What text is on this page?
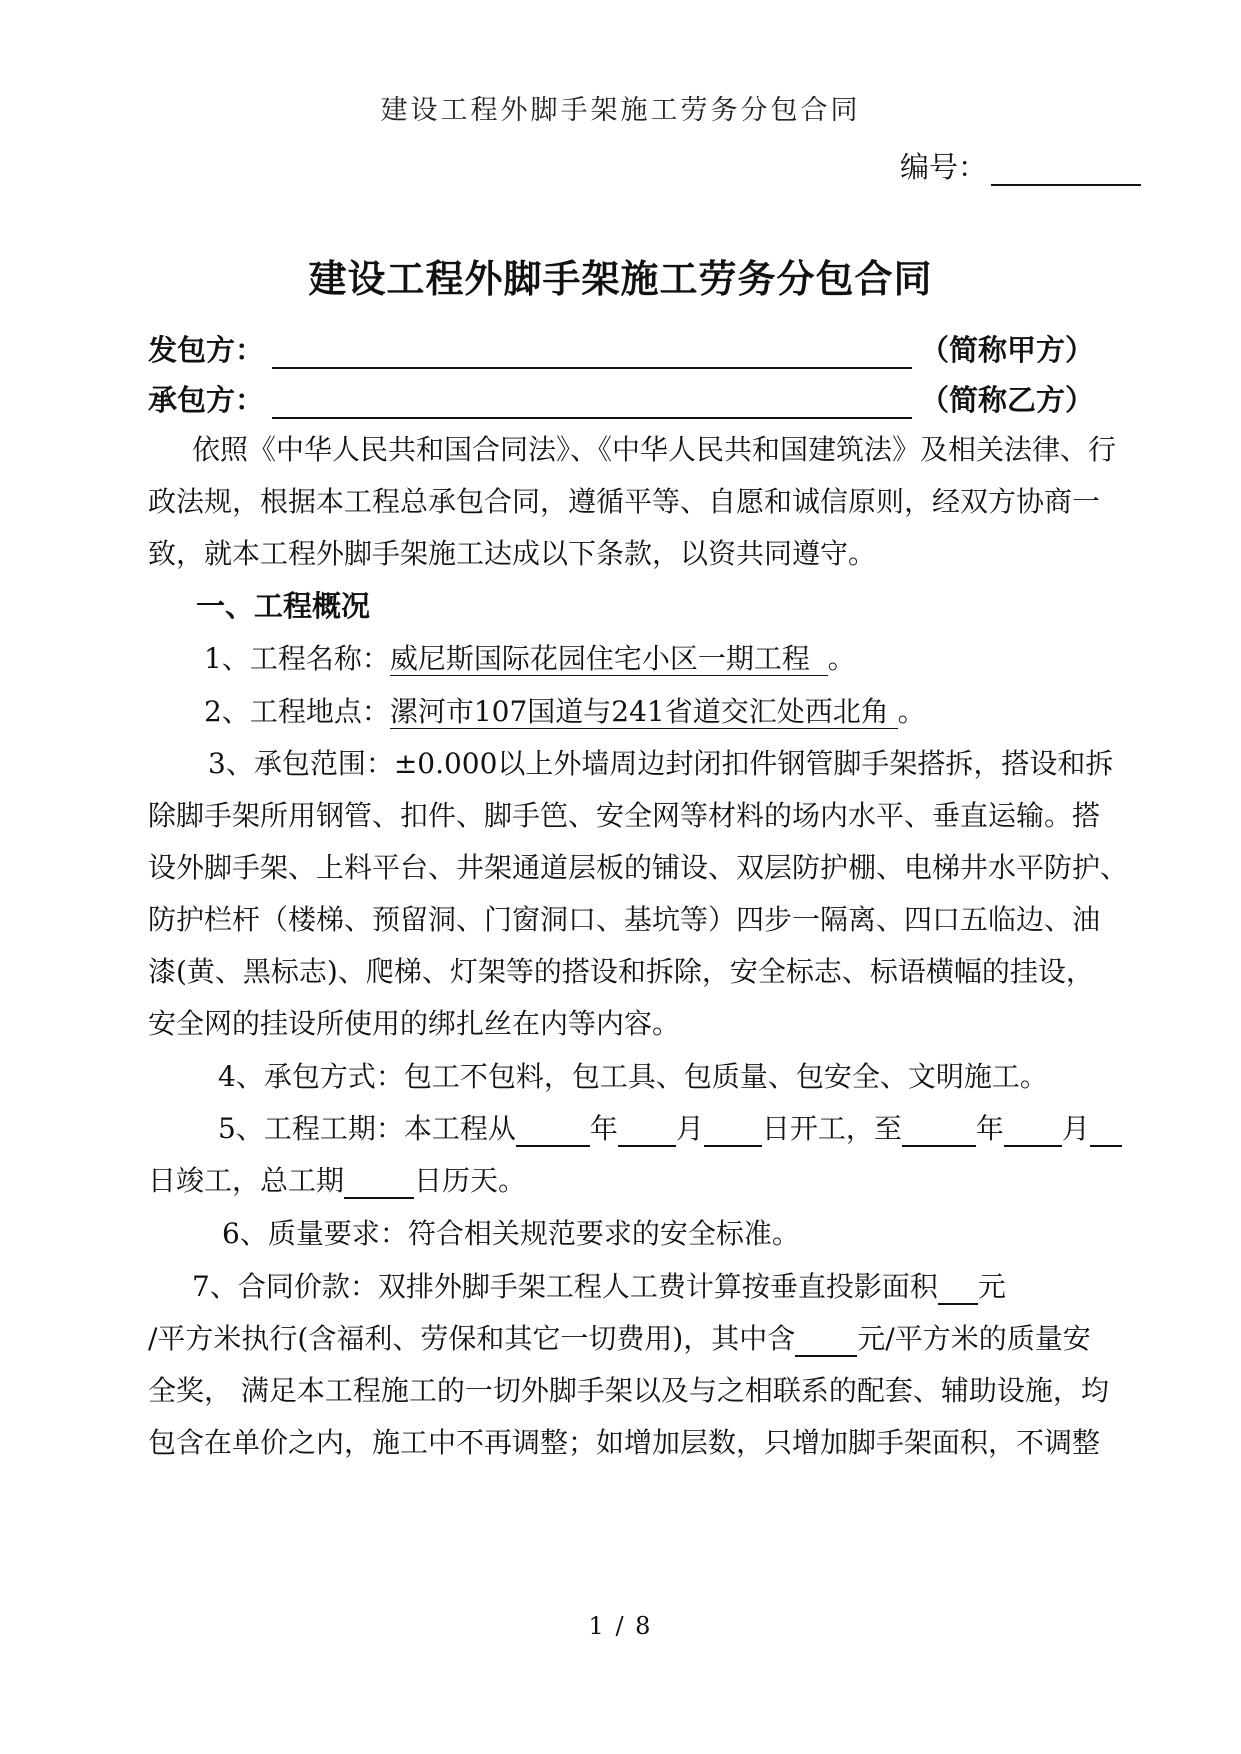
建设工程外脚手架施工劳务分包合同
编号：
建设工程外脚手架施工劳务分包合同
发包方：	（简称甲方）
承包方：	（简称乙方）
依照《中华人民共和国合同法》、《中华人民共和国建筑法》及相关法律、行
政法规，根据本工程总承包合同，遵循平等、自愿和诚信原则，经双方协商一
致，就本工程外脚手架施工达成以下条款，以资共同遵守。
一、工程概况
1、工程名称：威尼斯国际花园住宅小区一期工程 。
2、工程地点：漯河市107国道与241省道交汇处西北角 。
3、承包范围：±0.000以上外墙周边封闭扣件钢管脚手架搭拆，搭设和拆
除脚手架所用钢管、扣件、脚手笆、安全网等材料的场内水平、垂直运输。搭
设外脚手架、上料平台、井架通道层板的铺设、双层防护棚、电梯井水平防护、
防护栏杆（楼梯、预留洞、门窗洞口、基坑等）四步一隔离、四口五临边、油
漆(黄、黑标志)、爬梯、灯架等的搭设和拆除，安全标志、标语横幅的挂设，
安全网的挂设所使用的绑扎丝在内等内容。
4、承包方式：包工不包料，包工具、包质量、包安全、文明施工。
5、工程工期：本工程从	年 月 日开工，至	年 月
日竣工，总工期	日历天。
6、质量要求：符合相关规范要求的安全标准。
7、合同价款：双排外脚手架工程人工费计算按垂直投影面积 元
/平方米执行(含福利、劳保和其它一切费用)，其中含 元/平方米的质量安
全奖， 满足本工程施工的一切外脚手架以及与之相联系的配套、辅助设施，均
包含在单价之内，施工中不再调整；如增加层数，只增加脚手架面积，不调整
1 / 8
